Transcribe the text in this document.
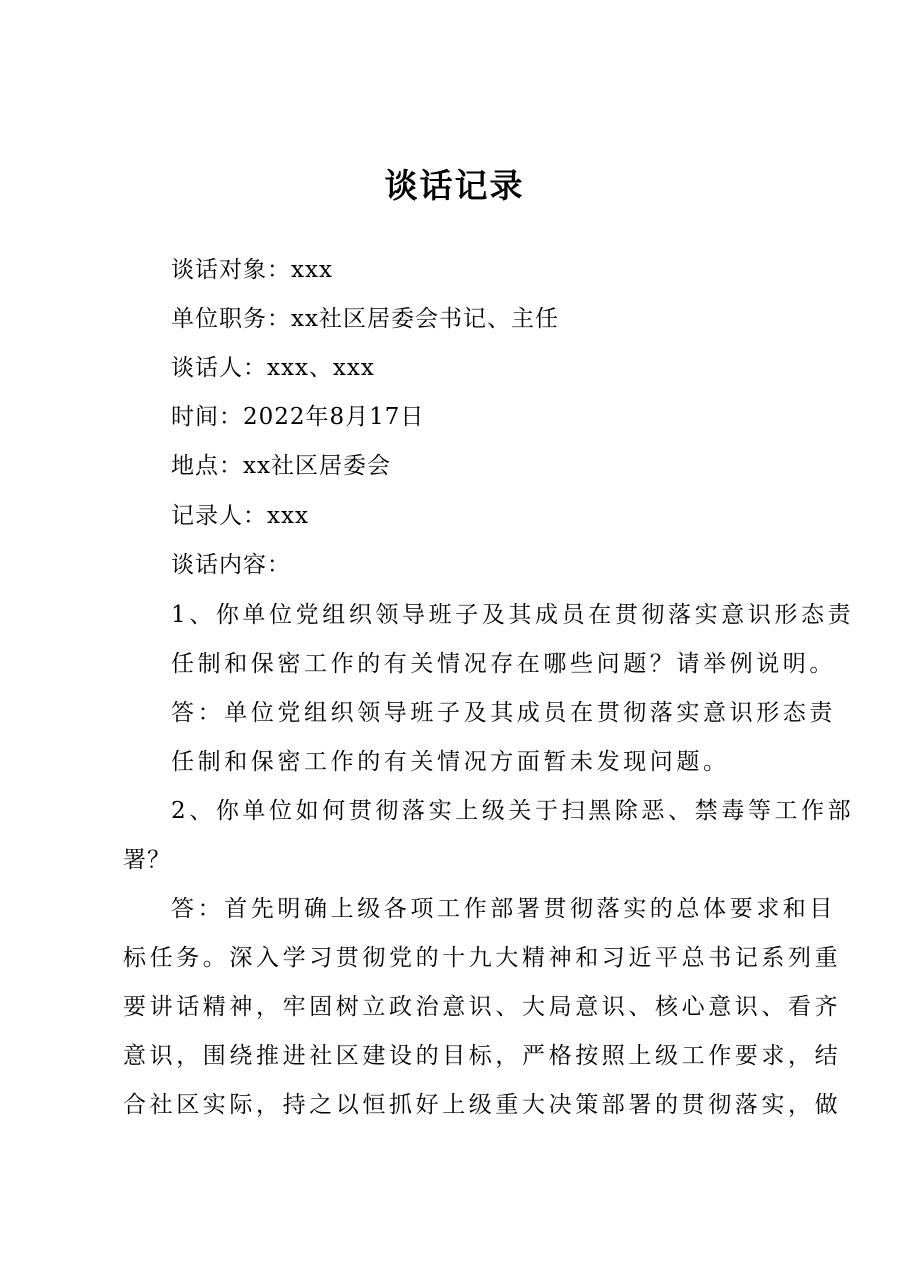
谈话记录
谈话对象：xxx
单位职务：xx社区居委会书记、主任
谈话人：xxx、xxx
时间：2022年8月17日
地点：xx社区居委会
记录人：xxx
谈话内容：
1、你单位党组织领导班子及其成员在贯彻落实意识形态责
任制和保密工作的有关情况存在哪些问题？请举例说明。
答：单位党组织领导班子及其成员在贯彻落实意识形态责
任制和保密工作的有关情况方面暂未发现问题。
2、你单位如何贯彻落实上级关于扫黑除恶、禁毒等工作部
署？
答：首先明确上级各项工作部署贯彻落实的总体要求和目
标任务。深入学习贯彻党的十九大精神和习近平总书记系列重
要讲话精神，牢固树立政治意识、大局意识、核心意识、看齐
意识，围绕推进社区建设的目标，严格按照上级工作要求，结
合社区实际，持之以恒抓好上级重大决策部署的贯彻落实，做
